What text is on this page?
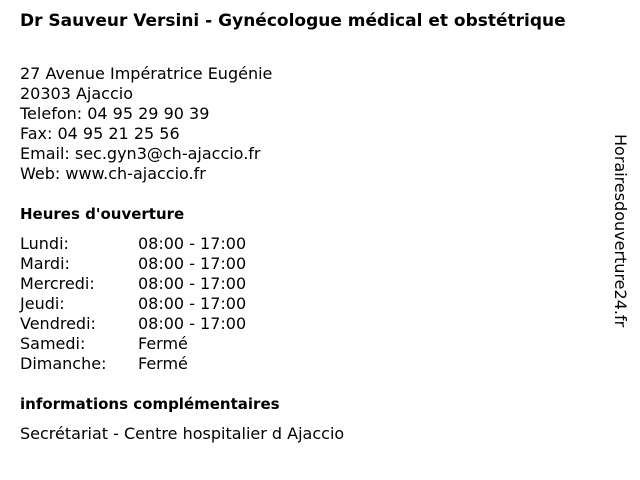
Dr Sauveur Versini - Gynécologue médical et obstétrique
27 Avenue Impératrice Eugénie
20303 Ajaccio
Telefon: 04 95 29 90 39
Fax: 04 95 21 25 56
Email: sec.gyn3@ch-ajaccio.fr
Web: www.ch-ajaccio.fr
Heures d'ouverture
Lundi:	08:00 - 17:00
Mardi:	08:00 - 17:00
Mercredi:	08:00 - 17:00
Jeudi:	08:00 - 17:00
Vendredi:	08:00 - 17:00
Samedi:	Fermé
Dimanche: Fermé
informations complémentaires
Secrétariat - Centre hospitalier d Ajaccio
Horairesdouverture24.fr
